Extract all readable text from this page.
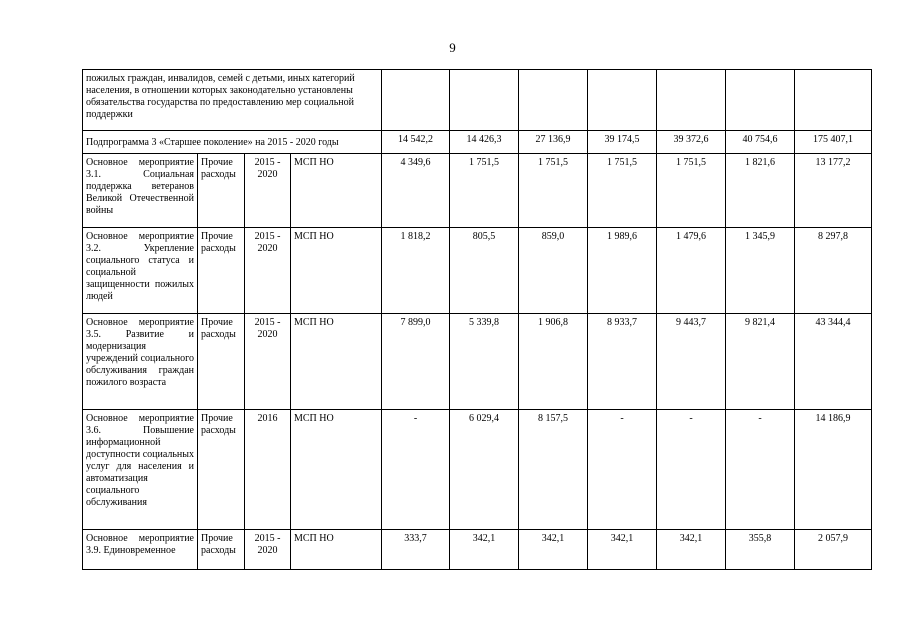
9
пожилых граждан, инвалидов, семей с детьми, иных категорий населения, в отношении которых законодательно установлены обязательства государства по предоставлению мер социальной поддержки										
Подпрограмма 3 «Старшее поколение» на 2015 - 2020 годы				14 542,2	14 426,3	27 136,9	39 174,5	39 372,6	40 754,6	175 407,1
Основное мероприятие 3.1. Социальная поддержка ветеранов Великой Отечественной войны	Прочие расходы	2015 - 2020	МСП НО	4 349,6	1 751,5	1 751,5	1 751,5	1 751,5	1 821,6	13 177,2
Основное мероприятие 3.2. Укрепление социального статуса и социальной защищенности пожилых людей	Прочие расходы	2015 - 2020	МСП НО	1 818,2	805,5	859,0	1 989,6	1 479,6	1 345,9	8 297,8
Основное мероприятие 3.5. Развитие и модернизация учреждений социального обслуживания граждан пожилого возраста	Прочие расходы	2015 - 2020	МСП НО	7 899,0	5 339,8	1 906,8	8 933,7	9 443,7	9 821,4	43 344,4
Основное мероприятие 3.6. Повышение информационной доступности социальных услуг для населения и автоматизация социального обслуживания	Прочие расходы	2016	МСП НО	-	6 029,4	8 157,5	-	-	-	14 186,9
Основное мероприятие 3.9. Единовременное	Прочие расходы	2015 - 2020	МСП НО	333,7	342,1	342,1	342,1	342,1	355,8	2 057,9
